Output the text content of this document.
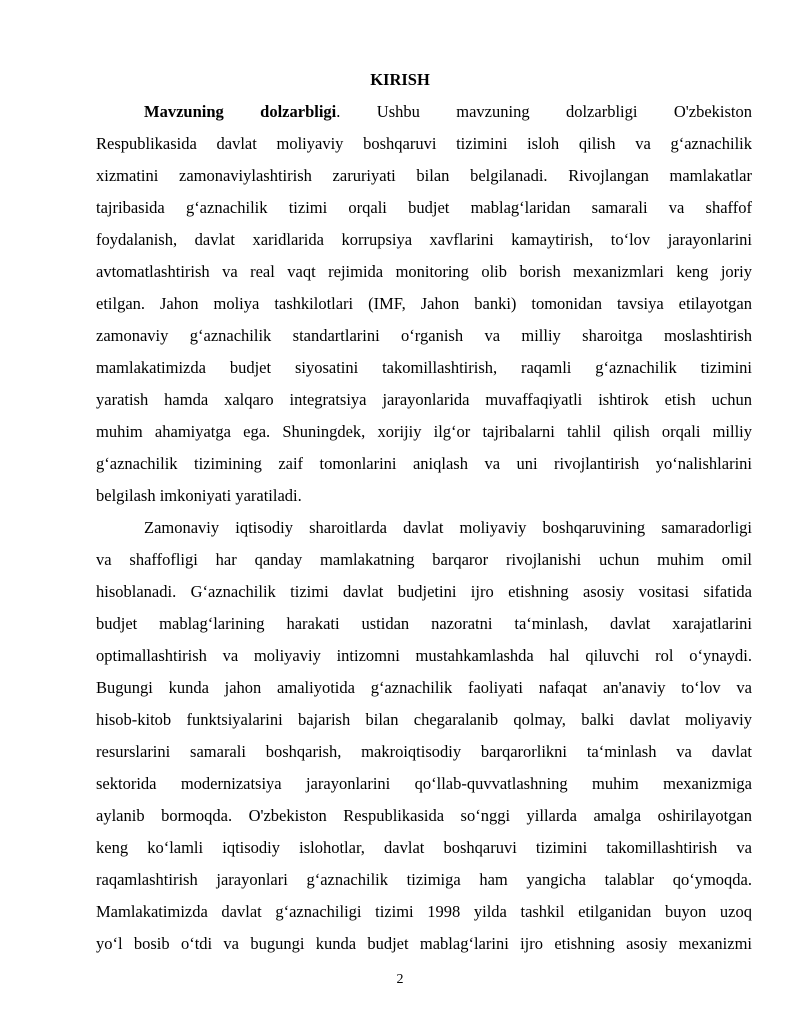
KIRISH
Mavzuning dolzarbligi. Ushbu mavzuning dolzarbligi O'zbekiston
Respublikasida davlat moliyaviy boshqaruvi tizimini isloh qilish va g‘aznachilik
xizmatini zamonaviylashtirish zaruriyati bilan belgilanadi. Rivojlangan mamlakatlar
tajribasida g‘aznachilik tizimi orqali budjet mablag‘laridan samarali va shaffof
foydalanish, davlat xaridlarida korrupsiya xavflarini kamaytirish, to‘lov jarayonlarini
avtomatlashtirish va real vaqt rejimida monitoring olib borish mexanizmlari keng joriy
etilgan. Jahon moliya tashkilotlari (IMF, Jahon banki) tomonidan tavsiya etilayotgan
zamonaviy g‘aznachilik standartlarini o‘rganish va milliy sharoitga moslashtirish
mamlakatimizda budjet siyosatini takomillashtirish, raqamli g‘aznachilik tizimini
yaratish hamda xalqaro integratsiya jarayonlarida muvaffaqiyatli ishtirok etish uchun
muhim ahamiyatga ega. Shuningdek, xorijiy ilg‘or tajribalarni tahlil qilish orqali milliy
g‘aznachilik tizimining zaif tomonlarini aniqlash va uni rivojlantirish yo‘nalishlarini
belgilash imkoniyati yaratiladi.
Zamonaviy iqtisodiy sharoitlarda davlat moliyaviy boshqaruvining samaradorligi
va shaffofligi har qanday mamlakatning barqaror rivojlanishi uchun muhim omil
hisoblanadi. G‘aznachilik tizimi davlat budjetini ijro etishning asosiy vositasi sifatida
budjet mablag‘larining harakati ustidan nazoratni ta‘minlash, davlat xarajatlarini
optimallashtirish va moliyaviy intizomni mustahkamlashda hal qiluvchi rol o‘ynaydi.
Bugungi kunda jahon amaliyotida g‘aznachilik faoliyati nafaqat an'anaviy to‘lov va
hisob-kitob funktsiyalarini bajarish bilan chegaralanib qolmay, balki davlat moliyaviy
resurslarini samarali boshqarish, makroiqtisodiy barqarorlikni ta‘minlash va davlat
sektorida modernizatsiya jarayonlarini qo‘llab-quvvatlashning muhim mexanizmiga
aylanib bormoqda. O'zbekiston Respublikasida so‘nggi yillarda amalga oshirilayotgan
keng ko‘lamli iqtisodiy islohotlar, davlat boshqaruvi tizimini takomillashtirish va
raqamlashtirish jarayonlari g‘aznachilik tizimiga ham yangicha talablar qo‘ymoqda.
Mamlakatimizda davlat g‘aznachiligi tizimi 1998 yilda tashkil etilganidan buyon uzoq
yo‘l bosib o‘tdi va bugungi kunda budjet mablag‘larini ijro etishning asosiy mexanizmi
2
